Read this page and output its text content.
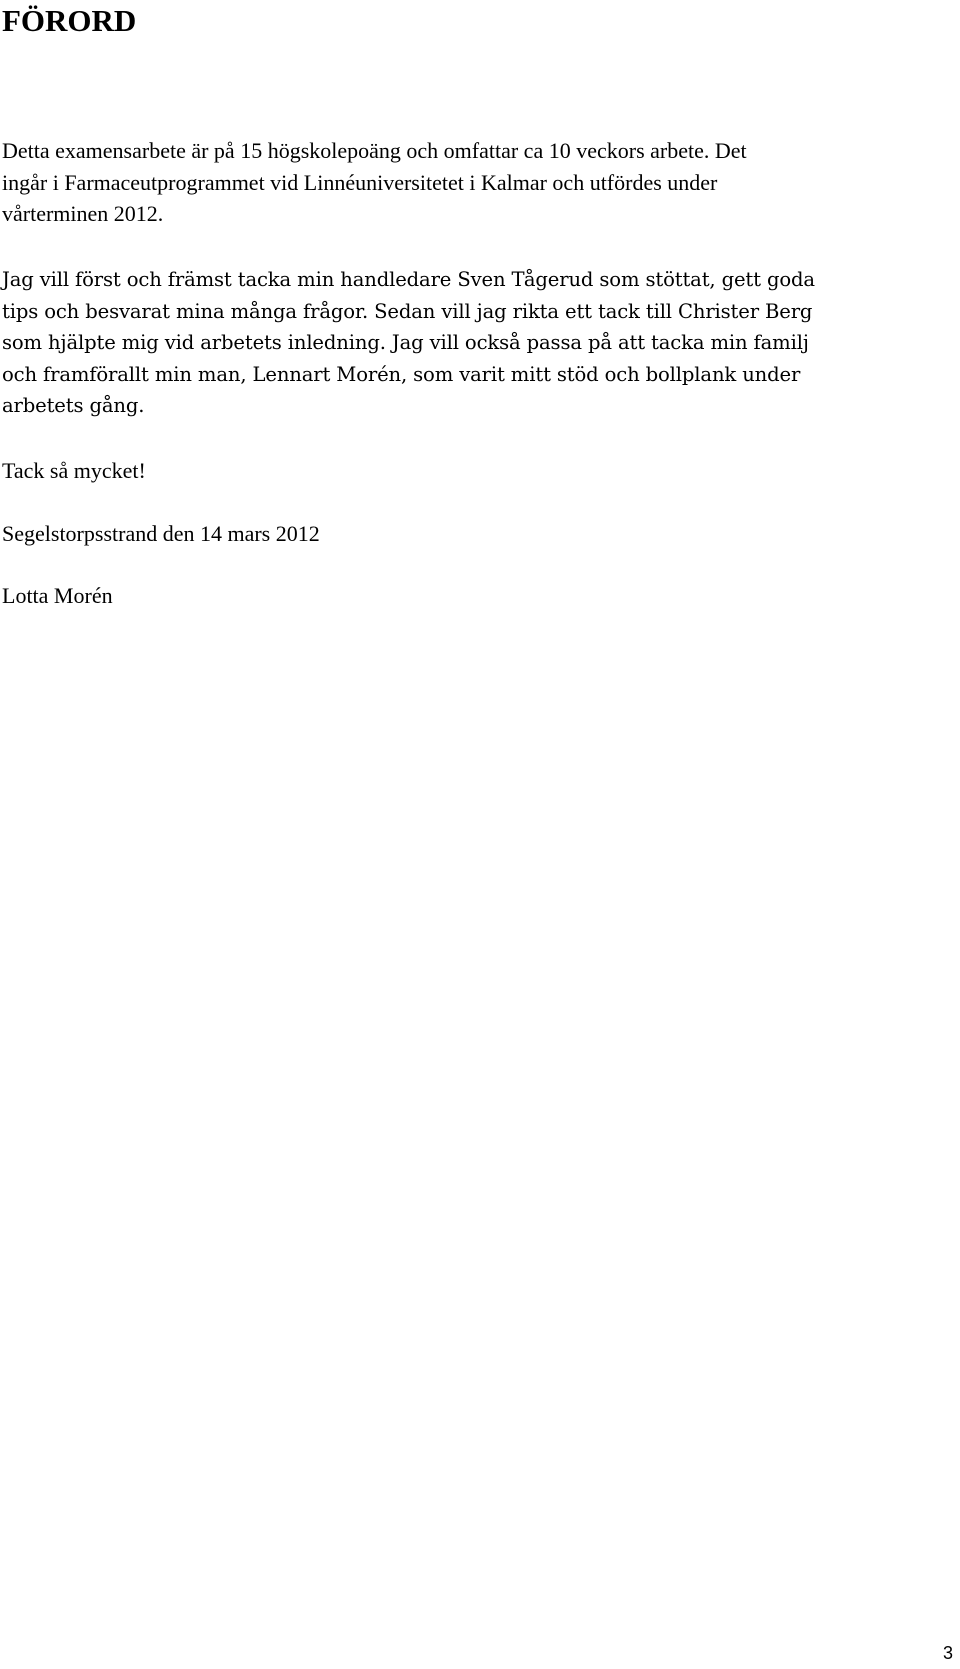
FÖRORD

Detta examensarbete är på 15 högskolepoäng och omfattar ca 10 veckors arbete. Det
ingår i Farmaceutprogrammet vid Linnéuniversitetet i Kalmar och utfördes under
vårterminen 2012.

Jag vill först och främst tacka min handledare Sven Tågerud som stöttat, gett goda
tips och besvarat mina många frågor. Sedan vill jag rikta ett tack till Christer Berg
som hjälpte mig vid arbetets inledning. Jag vill också passa på att tacka min familj
och framförallt min man, Lennart Morén, som varit mitt stöd och bollplank under
arbetets gång.

Tack så mycket!

Segelstorpsstrand den 14 mars 2012

Lotta Morén

3
